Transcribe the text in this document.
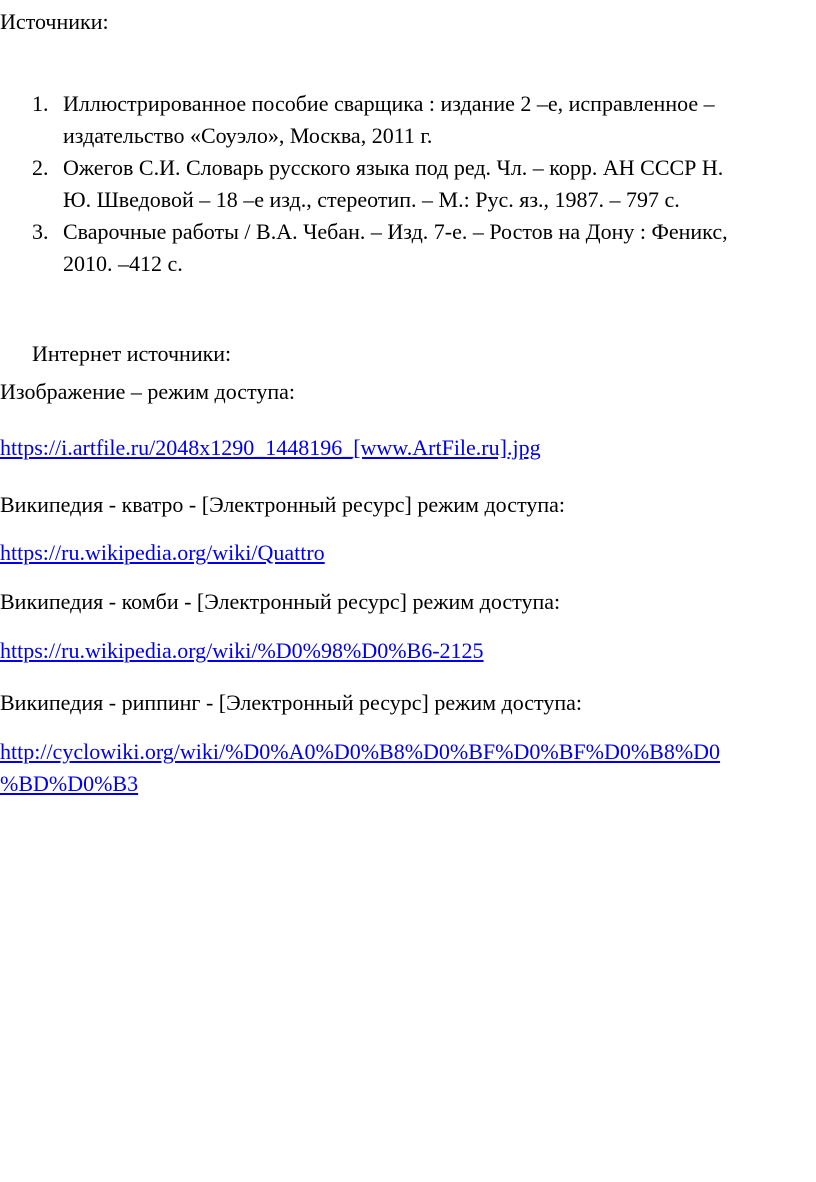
Источники:
1. Иллюстрированное пособие сварщика : издание 2 –е, исправленное –
издательство «Соуэло», Москва, 2011 г.
2. Ожегов С.И. Словарь русского языка под ред. Чл. – корр. АН СССР Н.
Ю. Шведовой – 18 –е изд., стереотип. – М.: Рус. яз., 1987. – 797 с.
3. Сварочные работы / В.А. Чебан. – Изд. 7-е. – Ростов на Дону : Феникс,
2010. –412 с.
Интернет источники:
Изображение – режим доступа:
https://i.artfile.ru/2048x1290_1448196_[www.ArtFile.ru].jpg
Википедия - кватро - [Электронный ресурс] режим доступа:
https://ru.wikipedia.org/wiki/Quattro
Википедия - комби - [Электронный ресурс] режим доступа:
https://ru.wikipedia.org/wiki/%D0%98%D0%B6-2125
Википедия - риппинг - [Электронный ресурс] режим доступа:
http://cyclowiki.org/wiki/%D0%A0%D0%B8%D0%BF%D0%BF%D0%B8%D0
%BD%D0%B3
